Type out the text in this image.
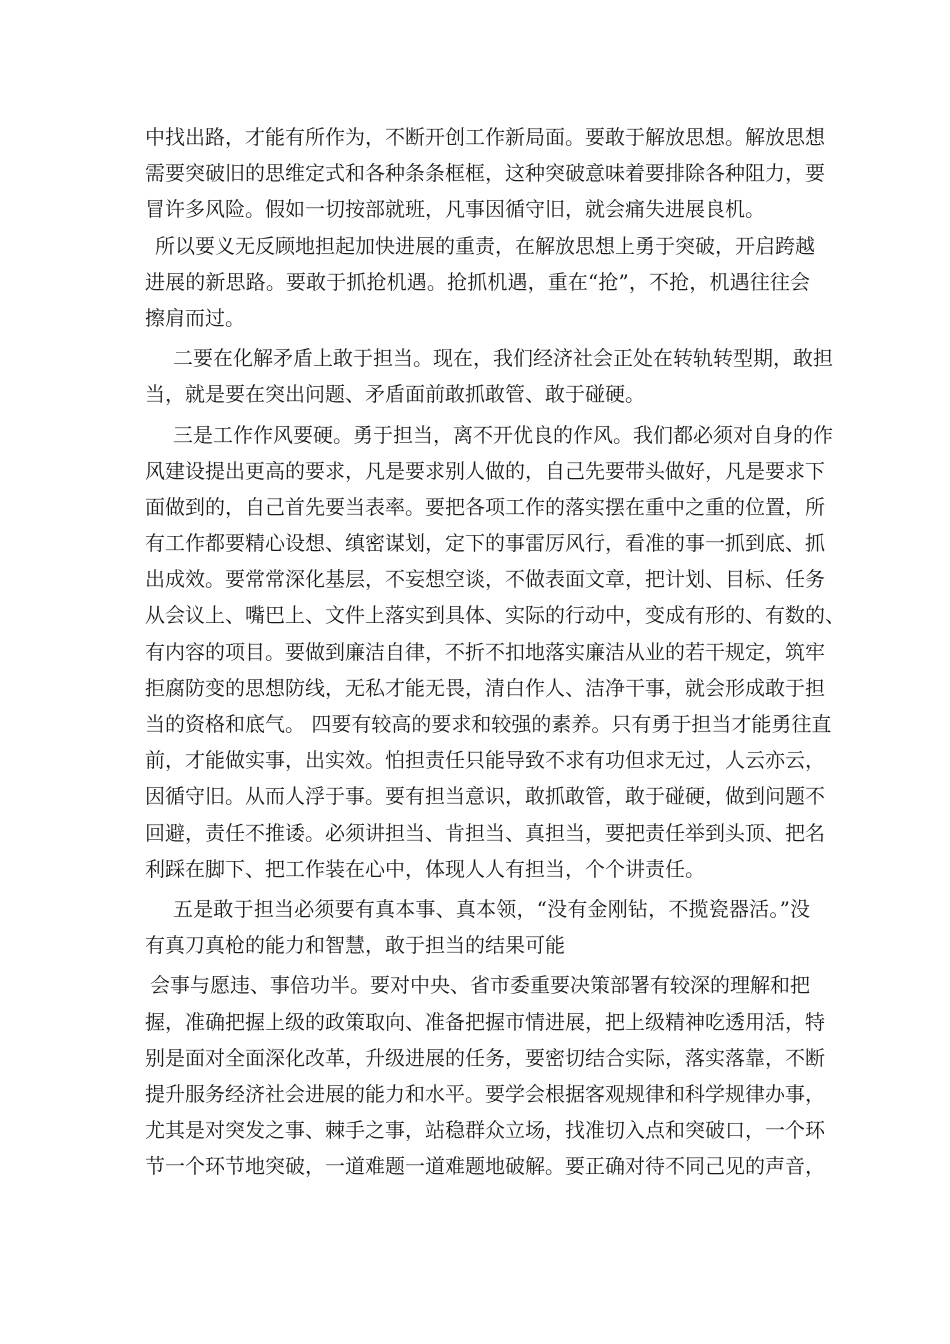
中找出路，才能有所作为，不断开创工作新局面。要敢于解放思想。解放思想
需要突破旧的思维定式和各种条条框框，这种突破意味着要排除各种阻力，要
冒许多风险。假如一切按部就班，凡事因循守旧，就会痛失进展良机。
所以要义无反顾地担起加快进展的重责，在解放思想上勇于突破，开启跨越
进展的新思路。要敢于抓抢机遇。抢抓机遇，重在“抢”，不抢，机遇往往会
擦肩而过。
二要在化解矛盾上敢于担当。现在，我们经济社会正处在转轨转型期，敢担
当，就是要在突出问题、矛盾面前敢抓敢管、敢于碰硬。
三是工作作风要硬。勇于担当，离不开优良的作风。我们都必须对自身的作
风建设提出更高的要求，凡是要求别人做的，自己先要带头做好，凡是要求下
面做到的，自己首先要当表率。要把各项工作的落实摆在重中之重的位置，所
有工作都要精心设想、缜密谋划，定下的事雷厉风行，看准的事一抓到底、抓
出成效。要常常深化基层，不妄想空谈，不做表面文章，把计划、目标、任务
从会议上、嘴巴上、文件上落实到具体、实际的行动中，变成有形的、有数的、
有内容的项目。要做到廉洁自律，不折不扣地落实廉洁从业的若干规定，筑牢
拒腐防变的思想防线，无私才能无畏，清白作人、洁净干事，就会形成敢于担
当的资格和底气。 四要有较高的要求和较强的素养。只有勇于担当才能勇往直
前，才能做实事，出实效。怕担责任只能导致不求有功但求无过，人云亦云，
因循守旧。从而人浮于事。要有担当意识，敢抓敢管，敢于碰硬，做到问题不
回避，责任不推诿。必须讲担当、肯担当、真担当，要把责任举到头顶、把名
利踩在脚下、把工作装在心中，体现人人有担当，个个讲责任。
五是敢于担当必须要有真本事、真本领，“没有金刚钻，不揽瓷器活。”没
有真刀真枪的能力和智慧，敢于担当的结果可能
会事与愿违、事倍功半。要对中央、省市委重要决策部署有较深的理解和把
握，准确把握上级的政策取向、准备把握市情进展，把上级精神吃透用活，特
别是面对全面深化改革，升级进展的任务，要密切结合实际，落实落靠，不断
提升服务经济社会进展的能力和水平。要学会根据客观规律和科学规律办事，
尤其是对突发之事、棘手之事，站稳群众立场，找准切入点和突破口，一个环
节一个环节地突破，一道难题一道难题地破解。要正确对待不同己见的声音，
